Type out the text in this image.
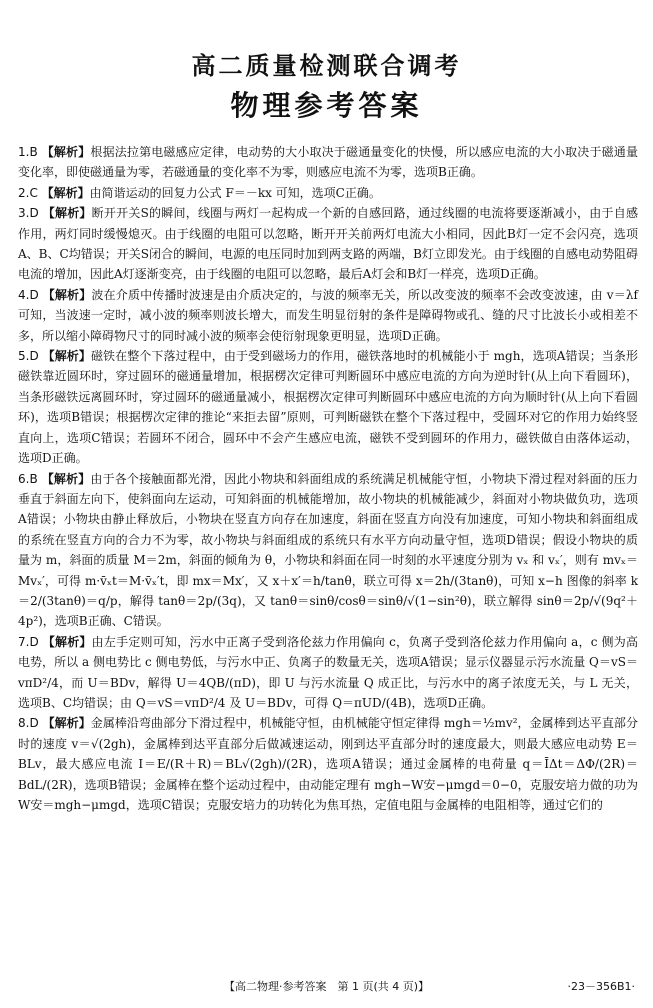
高二质量检测联合调考
物理参考答案

1.B 【解析】根据法拉第电磁感应定律，电动势的大小取决于磁通量变化的快慢，所以感应电流的大小取决于磁通量变化率，即使磁通量为零，若磁通量的变化率不为零，则感应电流不为零，选项B正确。

2.C 【解析】由简谐运动的回复力公式 F＝－kx 可知，选项C正确。

3.D 【解析】断开开关S的瞬间，线圈与两灯一起构成一个新的自感回路，通过线圈的电流将要逐渐减小，由于自感作用，两灯同时缓慢熄灭。由于线圈的电阻可以忽略，断开开关前两灯电流大小相同，因此B灯一定不会闪亮，选项A、B、C均错误；开关S闭合的瞬间，电源的电压同时加到两支路的两端，B灯立即发光。由于线圈的自感电动势阻碍电流的增加，因此A灯逐渐变亮，由于线圈的电阻可以忽略，最后A灯会和B灯一样亮，选项D正确。

4.D 【解析】波在介质中传播时波速是由介质决定的，与波的频率无关，所以改变波的频率不会改变波速，由 v＝λf 可知，当波速一定时，减小波的频率则波长增大，而发生明显衍射的条件是障碍物或孔、缝的尺寸比波长小或相差不多，所以缩小障碍物尺寸的同时减小波的频率会使衍射现象更明显，选项D正确。

5.D 【解析】磁铁在整个下落过程中，由于受到磁场力的作用，磁铁落地时的机械能小于 mgh，选项A错误；当条形磁铁靠近圆环时，穿过圆环的磁通量增加，根据楞次定律可判断圆环中感应电流的方向为逆时针(从上向下看圆环)，当条形磁铁远离圆环时，穿过圆环的磁通量减小，根据楞次定律可判断圆环中感应电流的方向为顺时针(从上向下看圆环)，选项B错误；根据楞次定律的推论“来拒去留”原则，可判断磁铁在整个下落过程中，受圆环对它的作用力始终竖直向上，选项C错误；若圆环不闭合，圆环中不会产生感应电流，磁铁不受到圆环的作用力，磁铁做自由落体运动，选项D正确。

6.B 【解析】由于各个接触面都光滑，因此小物块和斜面组成的系统满足机械能守恒，小物块下滑过程对斜面的压力垂直于斜面左向下，使斜面向左运动，可知斜面的机械能增加，故小物块的机械能减少，斜面对小物块做负功，选项A错误；小物块由静止释放后，小物块在竖直方向存在加速度，斜面在竖直方向没有加速度，可知小物块和斜面组成的系统在竖直方向的合力不为零，故小物块与斜面组成的系统只有水平方向动量守恒，选项D错误；假设小物块的质量为 m，斜面的质量 M＝2m，斜面的倾角为 θ，小物块和斜面在同一时刻的水平速度分别为 vₓ 和 vₓ′，则有 mvₓ＝Mvₓ′，可得 m·v̄ₓt＝M·v̄ₓ′t，即 mx＝Mx′，又 x＋x′＝h/tanθ，联立可得 x＝2h/(3tanθ)，可知 x−h 图像的斜率 k＝2/(3tanθ)＝q/p，解得 tanθ＝2p/(3q)，又 tanθ＝sinθ/cosθ＝sinθ/√(1−sin²θ)，联立解得 sinθ＝2p/√(9q²＋4p²)，选项B正确、C错误。

7.D 【解析】由左手定则可知，污水中正离子受到洛伦兹力作用偏向 c，负离子受到洛伦兹力作用偏向 a，c 侧为高电势，所以 a 侧电势比 c 侧电势低，与污水中正、负离子的数量无关，选项A错误；显示仪器显示污水流量 Q＝vS＝vπD²/4，而 U＝BDv，解得 U＝4QB/(πD)，即 U 与污水流量 Q 成正比，与污水中的离子浓度无关，与 L 无关，选项B、C均错误；由 Q＝vS＝vπD²/4 及 U＝BDv，可得 Q＝πUD/(4B)，选项D正确。

8.D 【解析】金属棒沿弯曲部分下滑过程中，机械能守恒，由机械能守恒定律得 mgh＝½mv²，金属棒到达平直部分时的速度 v＝√(2gh)，金属棒到达平直部分后做减速运动，刚到达平直部分时的速度最大，则最大感应电动势 E＝BLv，最大感应电流 I＝E/(R＋R)＝BL√(2gh)/(2R)，选项A错误；通过金属棒的电荷量 q＝ĪΔt＝ΔΦ/(2R)＝BdL/(2R)，选项B错误；金属棒在整个运动过程中，由动能定理有 mgh−W安−μmgd＝0−0，克服安培力做的功为 W安＝mgh−μmgd，选项C错误；克服安培力的功转化为焦耳热，定值电阻与金属棒的电阻相等，通过它们的

【高二物理·参考答案　第 1 页(共 4 页)】	·23－356B1·
